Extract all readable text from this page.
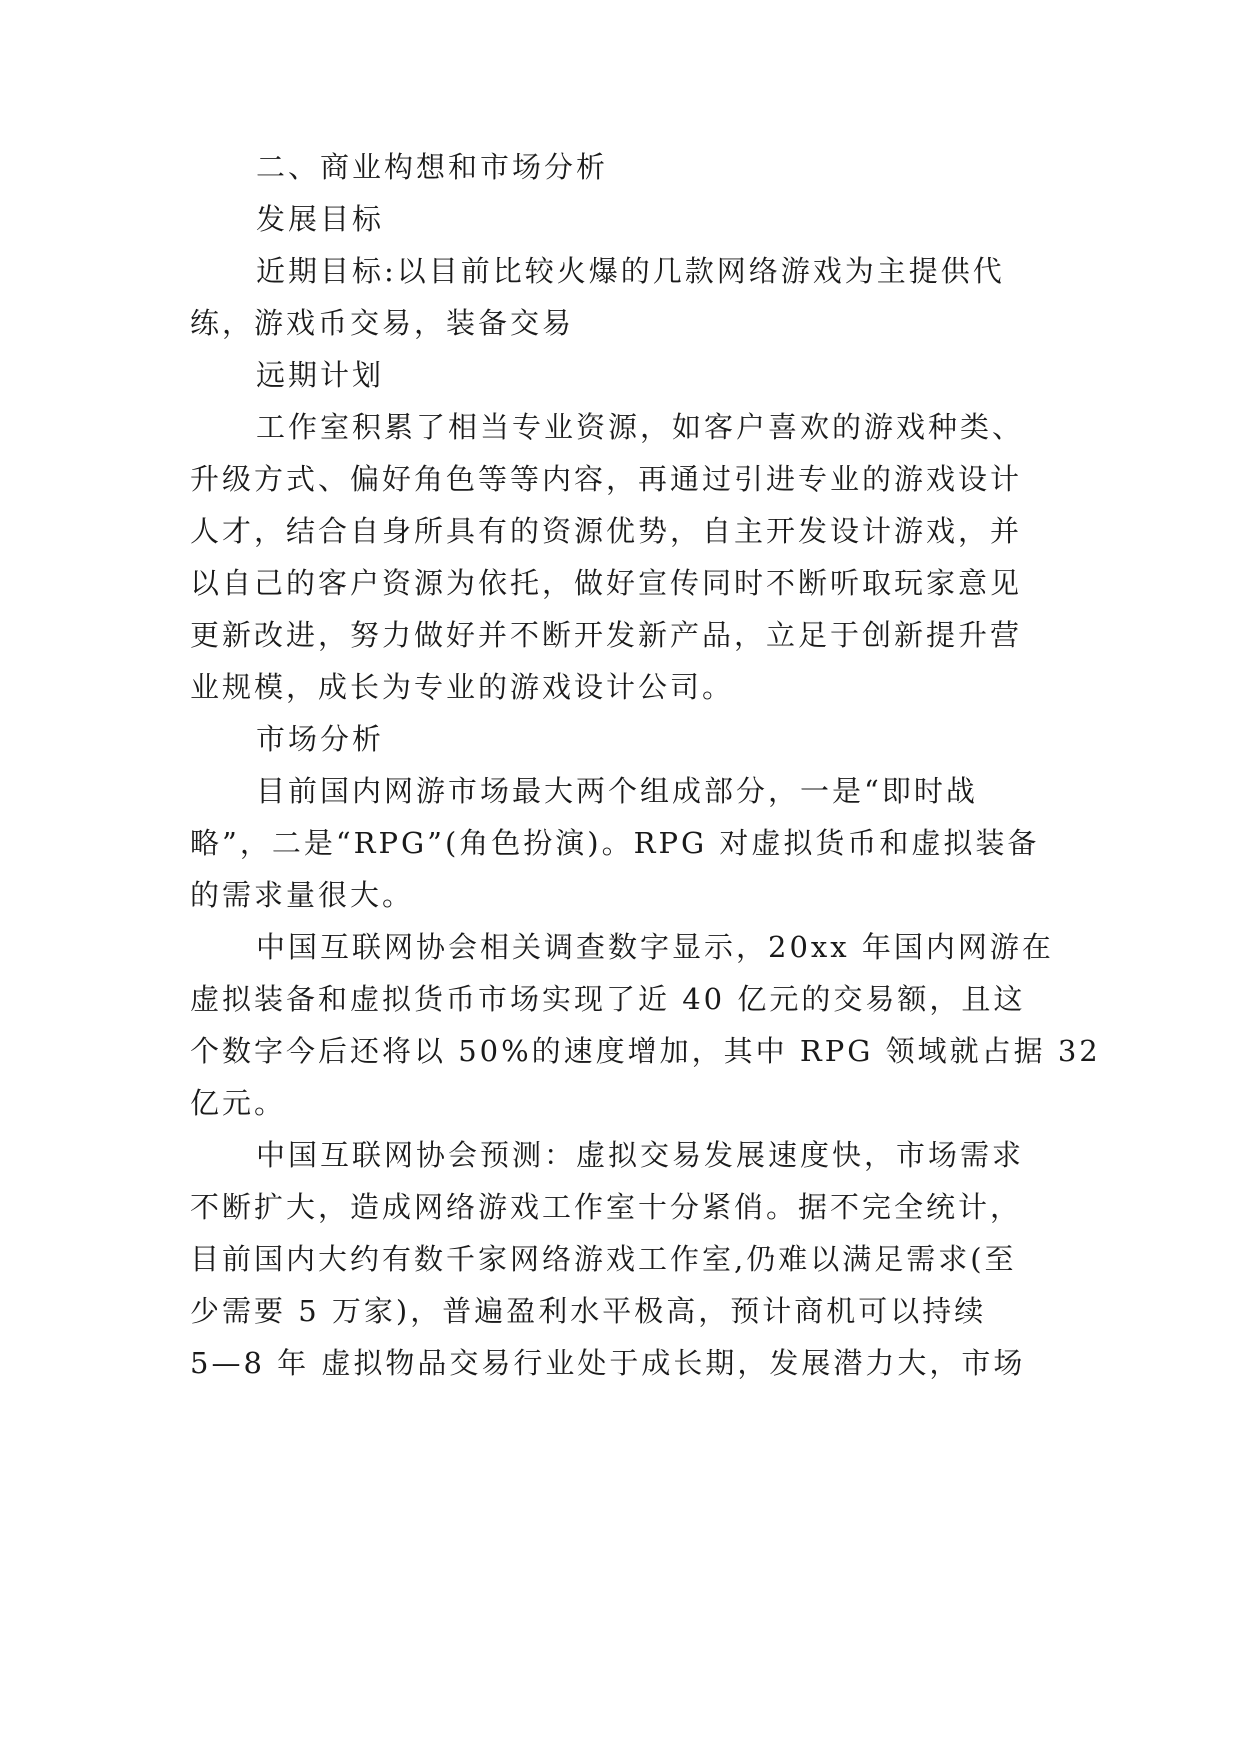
二、商业构想和市场分析
发展目标
近期目标:以目前比较火爆的几款网络游戏为主提供代
练，游戏币交易，装备交易
远期计划
工作室积累了相当专业资源，如客户喜欢的游戏种类、
升级方式、偏好角色等等内容，再通过引进专业的游戏设计
人才，结合自身所具有的资源优势，自主开发设计游戏，并
以自己的客户资源为依托，做好宣传同时不断听取玩家意见
更新改进，努力做好并不断开发新产品，立足于创新提升营
业规模，成长为专业的游戏设计公司。
市场分析
目前国内网游市场最大两个组成部分，一是“即时战
略”，二是“RPG”(角色扮演)。RPG 对虚拟货币和虚拟装备
的需求量很大。
中国互联网协会相关调查数字显示，20xx 年国内网游在
虚拟装备和虚拟货币市场实现了近 40 亿元的交易额，且这
个数字今后还将以 50%的速度增加，其中 RPG 领域就占据 32
亿元。
中国互联网协会预测：虚拟交易发展速度快，市场需求
不断扩大，造成网络游戏工作室十分紧俏。据不完全统计，
目前国内大约有数千家网络游戏工作室,仍难以满足需求(至
少需要 5 万家)，普遍盈利水平极高，预计商机可以持续
5—8 年 虚拟物品交易行业处于成长期，发展潜力大，市场
